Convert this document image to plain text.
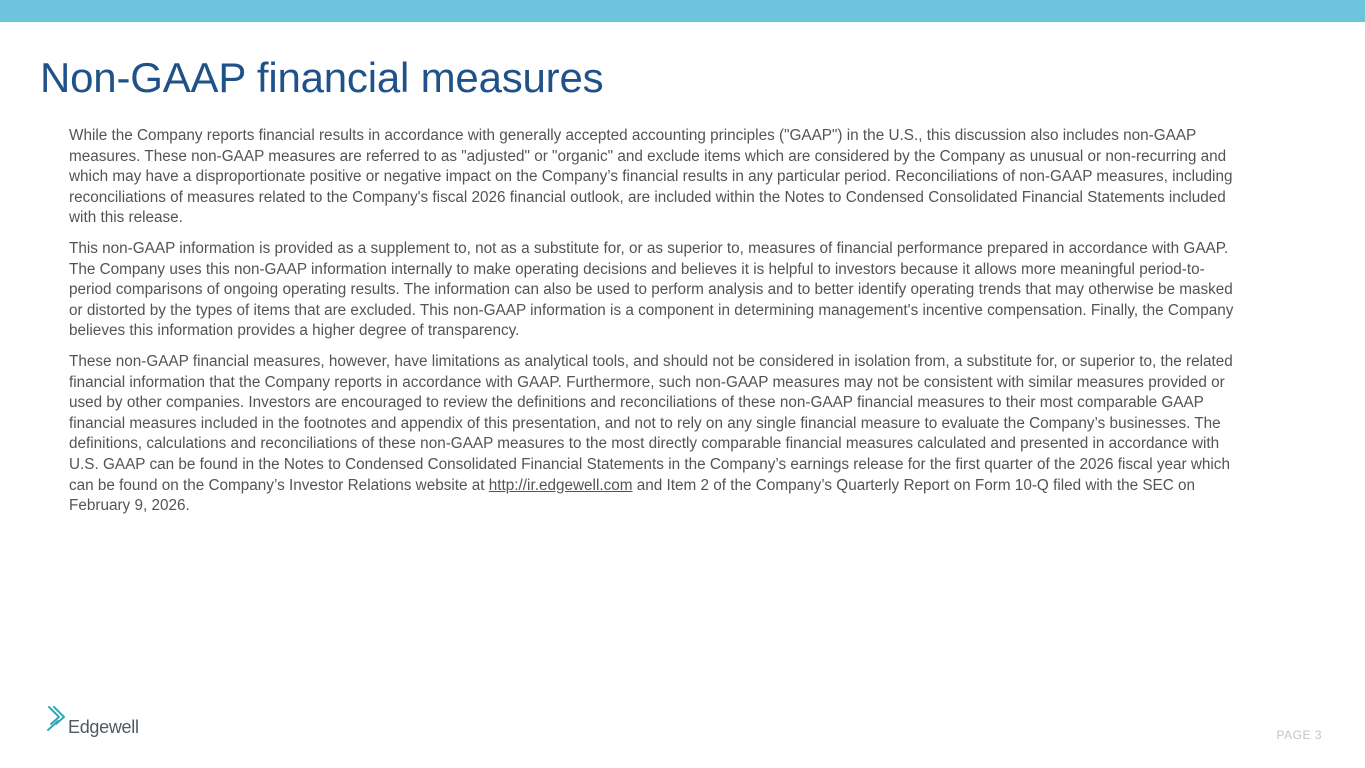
Non-GAAP financial measures

While the Company reports financial results in accordance with generally accepted accounting principles ("GAAP") in the U.S., this discussion also includes non-GAAP measures. These non-GAAP measures are referred to as "adjusted" or "organic" and exclude items which are considered by the Company as unusual or non-recurring and which may have a disproportionate positive or negative impact on the Company’s financial results in any particular period. Reconciliations of non-GAAP measures, including reconciliations of measures related to the Company's fiscal 2026 financial outlook, are included within the Notes to Condensed Consolidated Financial Statements included with this release.

This non-GAAP information is provided as a supplement to, not as a substitute for, or as superior to, measures of financial performance prepared in accordance with GAAP. The Company uses this non-GAAP information internally to make operating decisions and believes it is helpful to investors because it allows more meaningful period-to-period comparisons of ongoing operating results. The information can also be used to perform analysis and to better identify operating trends that may otherwise be masked or distorted by the types of items that are excluded. This non-GAAP information is a component in determining management's incentive compensation. Finally, the Company believes this information provides a higher degree of transparency.

These non-GAAP financial measures, however, have limitations as analytical tools, and should not be considered in isolation from, a substitute for, or superior to, the related financial information that the Company reports in accordance with GAAP. Furthermore, such non-GAAP measures may not be consistent with similar measures provided or used by other companies. Investors are encouraged to review the definitions and reconciliations of these non-GAAP financial measures to their most comparable GAAP financial measures included in the footnotes and appendix of this presentation, and not to rely on any single financial measure to evaluate the Company’s businesses. The definitions, calculations and reconciliations of these non-GAAP measures to the most directly comparable financial measures calculated and presented in accordance with U.S. GAAP can be found in the Notes to Condensed Consolidated Financial Statements in the Company’s earnings release for the first quarter of the 2026 fiscal year which can be found on the Company’s Investor Relations website at http://ir.edgewell.com and Item 2 of the Company’s Quarterly Report on Form 10-Q filed with the SEC on February 9, 2026.

Edgewell	PAGE 3
